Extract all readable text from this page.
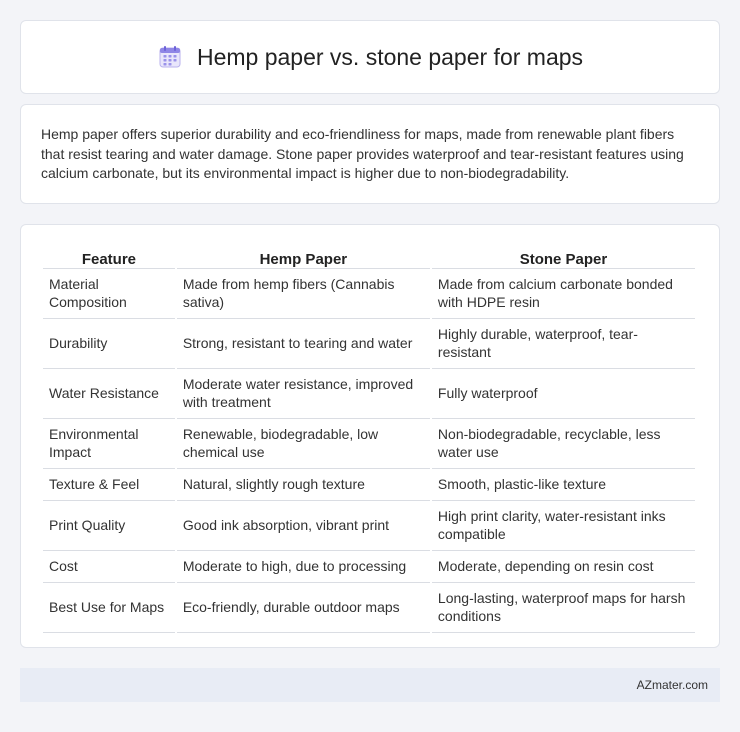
Hemp paper vs. stone paper for maps

Hemp paper offers superior durability and eco-friendliness for maps, made from renewable plant fibers that resist tearing and water damage. Stone paper provides waterproof and tear-resistant features using calcium carbonate, but its environmental impact is higher due to non-biodegradability.

Feature	Hemp Paper	Stone Paper
Material Composition	Made from hemp fibers (Cannabis sativa)	Made from calcium carbonate bonded with HDPE resin
Durability	Strong, resistant to tearing and water	Highly durable, waterproof, tear-resistant
Water Resistance	Moderate water resistance, improved with treatment	Fully waterproof
Environmental Impact	Renewable, biodegradable, low chemical use	Non-biodegradable, recyclable, less water use
Texture & Feel	Natural, slightly rough texture	Smooth, plastic-like texture
Print Quality	Good ink absorption, vibrant print	High print clarity, water-resistant inks compatible
Cost	Moderate to high, due to processing	Moderate, depending on resin cost
Best Use for Maps	Eco-friendly, durable outdoor maps	Long-lasting, waterproof maps for harsh conditions
AZmater.com
